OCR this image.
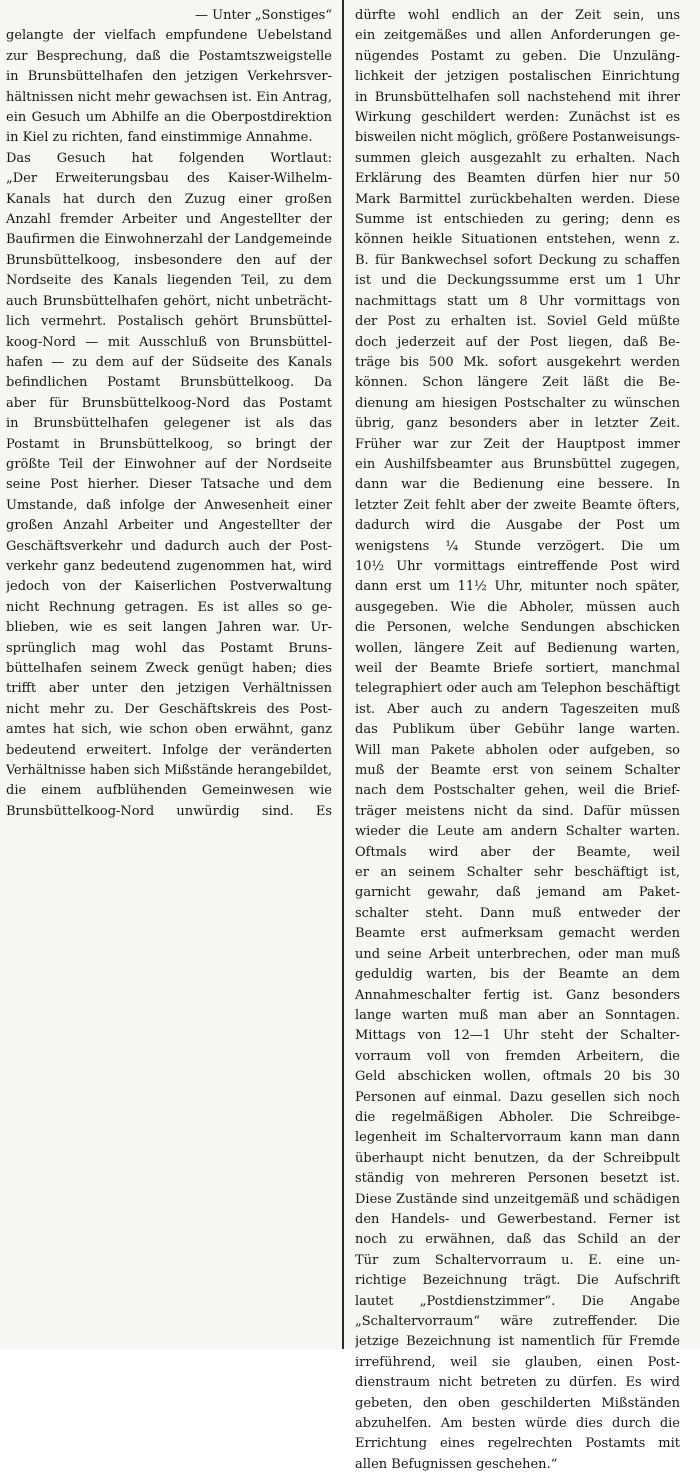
— Unter „Sonstiges“
gelangte der vielfach empfundene Uebelstand
zur Besprechung, daß die Postamtszweigstelle
in Brunsbüttelhafen den jetzigen Verkehrsver-
hältnissen nicht mehr gewachsen ist. Ein Antrag,
ein Gesuch um Abhilfe an die Oberpostdirektion
in Kiel zu richten, fand einstimmige Annahme.
Das Gesuch hat folgenden Wortlaut:
„Der Erweiterungsbau des Kaiser-Wilhelm-
Kanals hat durch den Zuzug einer großen
Anzahl fremder Arbeiter und Angestellter der
Baufirmen die Einwohnerzahl der Landgemeinde
Brunsbüttelkoog, insbesondere den auf der
Nordseite des Kanals liegenden Teil, zu dem
auch Brunsbüttelhafen gehört, nicht unbeträcht-
lich vermehrt. Postalisch gehört Brunsbüttel-
koog-Nord — mit Ausschluß von Brunsbüttel-
hafen — zu dem auf der Südseite des Kanals
befindlichen Postamt Brunsbüttelkoog. Da
aber für Brunsbüttelkoog-Nord das Postamt
in Brunsbüttelhafen gelegener ist als das
Postamt in Brunsbüttelkoog, so bringt der
größte Teil der Einwohner auf der Nordseite
seine Post hierher. Dieser Tatsache und dem
Umstande, daß infolge der Anwesenheit einer
großen Anzahl Arbeiter und Angestellter der
Geschäftsverkehr und dadurch auch der Post-
verkehr ganz bedeutend zugenommen hat, wird
jedoch von der Kaiserlichen Postverwaltung
nicht Rechnung getragen. Es ist alles so ge-
blieben, wie es seit langen Jahren war. Ur-
sprünglich mag wohl das Postamt Bruns-
büttelhafen seinem Zweck genügt haben; dies
trifft aber unter den jetzigen Verhältnissen
nicht mehr zu. Der Geschäftskreis des Post-
amtes hat sich, wie schon oben erwähnt, ganz
bedeutend erweitert. Infolge der veränderten
Verhältnisse haben sich Mißstände herangebildet,
die einem aufblühenden Gemeinwesen wie
Brunsbüttelkoog-Nord unwürdig sind. Es
dürfte wohl endlich an der Zeit sein, uns
ein zeitgemäßes und allen Anforderungen ge-
nügendes Postamt zu geben. Die Unzuläng-
lichkeit der jetzigen postalischen Einrichtung
in Brunsbüttelhafen soll nachstehend mit ihrer
Wirkung geschildert werden: Zunächst ist es
bisweilen nicht möglich, größere Postanweisungs-
summen gleich ausgezahlt zu erhalten. Nach
Erklärung des Beamten dürfen hier nur 50
Mark Barmittel zurückbehalten werden. Diese
Summe ist entschieden zu gering; denn es
können heikle Situationen entstehen, wenn z.
B. für Bankwechsel sofort Deckung zu schaffen
ist und die Deckungssumme erst um 1 Uhr
nachmittags statt um 8 Uhr vormittags von
der Post zu erhalten ist. Soviel Geld müßte
doch jederzeit auf der Post liegen, daß Be-
träge bis 500 Mk. sofort ausgekehrt werden
können. Schon längere Zeit läßt die Be-
dienung am hiesigen Postschalter zu wünschen
übrig, ganz besonders aber in letzter Zeit.
Früher war zur Zeit der Hauptpost immer
ein Aushilfsbeamter aus Brunsbüttel zugegen,
dann war die Bedienung eine bessere. In
letzter Zeit fehlt aber der zweite Beamte öfters,
dadurch wird die Ausgabe der Post um
wenigstens ¼ Stunde verzögert. Die um
10½ Uhr vormittags eintreffende Post wird
dann erst um 11½ Uhr, mitunter noch später,
ausgegeben. Wie die Abholer, müssen auch
die Personen, welche Sendungen abschicken
wollen, längere Zeit auf Bedienung warten,
weil der Beamte Briefe sortiert, manchmal
telegraphiert oder auch am Telephon beschäftigt
ist. Aber auch zu andern Tageszeiten muß
das Publikum über Gebühr lange warten.
Will man Pakete abholen oder aufgeben, so
muß der Beamte erst von seinem Schalter
nach dem Postschalter gehen, weil die Brief-
träger meistens nicht da sind. Dafür müssen
wieder die Leute am andern Schalter warten.
Oftmals wird aber der Beamte, weil
er an seinem Schalter sehr beschäftigt ist,
garnicht gewahr, daß jemand am Paket-
schalter steht. Dann muß entweder der
Beamte erst aufmerksam gemacht werden
und seine Arbeit unterbrechen, oder man muß
geduldig warten, bis der Beamte an dem
Annahmeschalter fertig ist. Ganz besonders
lange warten muß man aber an Sonntagen.
Mittags von 12—1 Uhr steht der Schalter-
vorraum voll von fremden Arbeitern, die
Geld abschicken wollen, oftmals 20 bis 30
Personen auf einmal. Dazu gesellen sich noch
die regelmäßigen Abholer. Die Schreibge-
legenheit im Schaltervorraum kann man dann
überhaupt nicht benutzen, da der Schreibpult
ständig von mehreren Personen besetzt ist.
Diese Zustände sind unzeitgemäß und schädigen
den Handels- und Gewerbestand. Ferner ist
noch zu erwähnen, daß das Schild an der
Tür zum Schaltervorraum u. E. eine un-
richtige Bezeichnung trägt. Die Aufschrift
lautet „Postdienstzimmer“. Die Angabe
„Schaltervorraum“ wäre zutreffender. Die
jetzige Bezeichnung ist namentlich für Fremde
irreführend, weil sie glauben, einen Post-
dienstraum nicht betreten zu dürfen. Es wird
gebeten, den oben geschilderten Mißständen
abzuhelfen. Am besten würde dies durch die
Errichtung eines regelrechten Postamts mit
allen Befugnissen geschehen.“
